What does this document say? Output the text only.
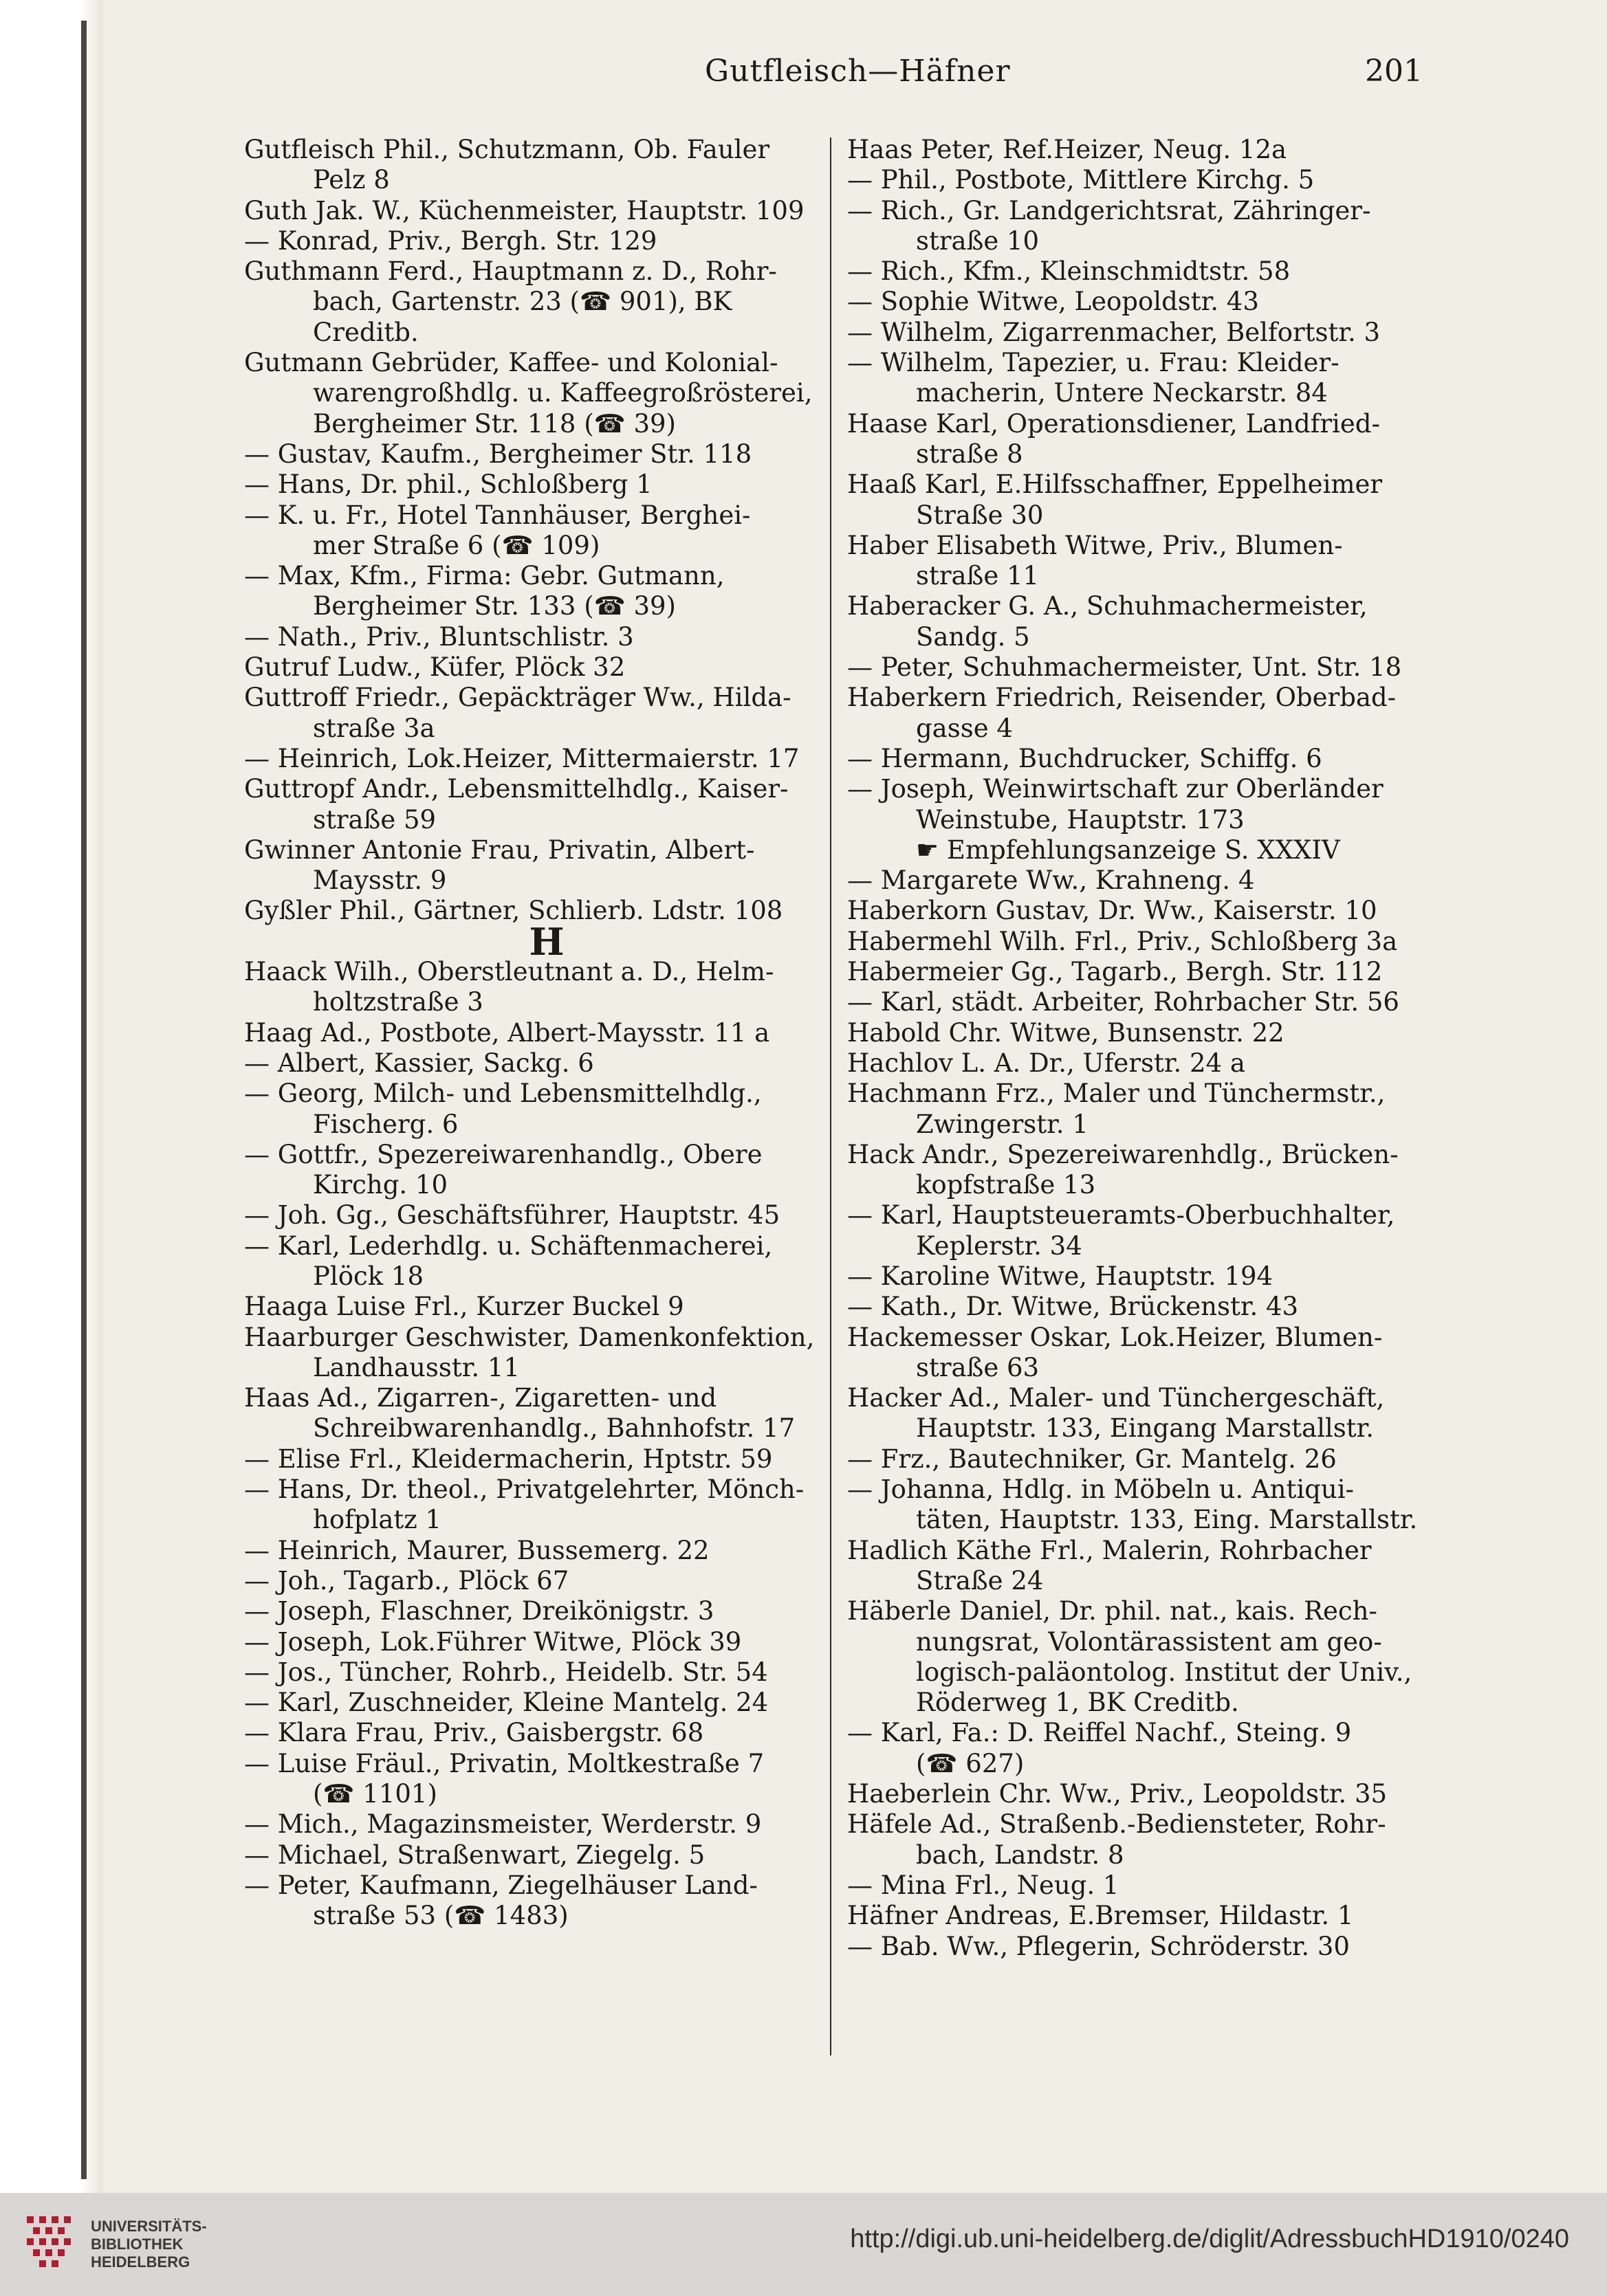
Gutfleisch—Häfner	201
Gutfleisch Phil., Schutzmann, Ob. Fauler
Pelz 8
Guth Jak. W., Küchenmeister, Hauptstr. 109
— Konrad, Priv., Bergh. Str. 129
Guthmann Ferd., Hauptmann z. D., Rohr-
bach, Gartenstr. 23 (☎ 901), BK
Creditb.
Gutmann Gebrüder, Kaffee- und Kolonial-
warengroßhdlg. u. Kaffeegroßrösterei,
Bergheimer Str. 118 (☎ 39)
— Gustav, Kaufm., Bergheimer Str. 118
— Hans, Dr. phil., Schloßberg 1
— K. u. Fr., Hotel Tannhäuser, Berghei-
mer Straße 6 (☎ 109)
— Max, Kfm., Firma: Gebr. Gutmann,
Bergheimer Str. 133 (☎ 39)
— Nath., Priv., Bluntschlistr. 3
Gutruf Ludw., Küfer, Plöck 32
Guttroff Friedr., Gepäckträger Ww., Hilda-
straße 3a
— Heinrich, Lok.Heizer, Mittermaierstr. 17
Guttropf Andr., Lebensmittelhdlg., Kaiser-
straße 59
Gwinner Antonie Frau, Privatin, Albert-
Maysstr. 9
Gyßler Phil., Gärtner, Schlierb. Ldstr. 108
H
Haack Wilh., Oberstleutnant a. D., Helm-
holtzstraße 3
Haag Ad., Postbote, Albert-Maysstr. 11 a
— Albert, Kassier, Sackg. 6
— Georg, Milch- und Lebensmittelhdlg.,
Fischerg. 6
— Gottfr., Spezereiwarenhandlg., Obere
Kirchg. 10
— Joh. Gg., Geschäftsführer, Hauptstr. 45
— Karl, Lederhdlg. u. Schäftenmacherei,
Plöck 18
Haaga Luise Frl., Kurzer Buckel 9
Haarburger Geschwister, Damenkonfektion,
Landhausstr. 11
Haas Ad., Zigarren-, Zigaretten- und
Schreibwarenhandlg., Bahnhofstr. 17
— Elise Frl., Kleidermacherin, Hptstr. 59
— Hans, Dr. theol., Privatgelehrter, Mönch-
hofplatz 1
— Heinrich, Maurer, Bussemerg. 22
— Joh., Tagarb., Plöck 67
— Joseph, Flaschner, Dreikönigstr. 3
— Joseph, Lok.Führer Witwe, Plöck 39
— Jos., Tüncher, Rohrb., Heidelb. Str. 54
— Karl, Zuschneider, Kleine Mantelg. 24
— Klara Frau, Priv., Gaisbergstr. 68
— Luise Fräul., Privatin, Moltkestraße 7
(☎ 1101)
— Mich., Magazinsmeister, Werderstr. 9
— Michael, Straßenwart, Ziegelg. 5
— Peter, Kaufmann, Ziegelhäuser Land-
straße 53 (☎ 1483)
Haas Peter, Ref.Heizer, Neug. 12a
— Phil., Postbote, Mittlere Kirchg. 5
— Rich., Gr. Landgerichtsrat, Zähringer-
straße 10
— Rich., Kfm., Kleinschmidtstr. 58
— Sophie Witwe, Leopoldstr. 43
— Wilhelm, Zigarrenmacher, Belfortstr. 3
— Wilhelm, Tapezier, u. Frau: Kleider-
macherin, Untere Neckarstr. 84
Haase Karl, Operationsdiener, Landfried-
straße 8
Haaß Karl, E.Hilfsschaffner, Eppelheimer
Straße 30
Haber Elisabeth Witwe, Priv., Blumen-
straße 11
Haberacker G. A., Schuhmachermeister,
Sandg. 5
— Peter, Schuhmachermeister, Unt. Str. 18
Haberkern Friedrich, Reisender, Oberbad-
gasse 4
— Hermann, Buchdrucker, Schiffg. 6
— Joseph, Weinwirtschaft zur Oberländer
Weinstube, Hauptstr. 173
☛ Empfehlungsanzeige S. XXXIV
— Margarete Ww., Krahneng. 4
Haberkorn Gustav, Dr. Ww., Kaiserstr. 10
Habermehl Wilh. Frl., Priv., Schloßberg 3a
Habermeier Gg., Tagarb., Bergh. Str. 112
— Karl, städt. Arbeiter, Rohrbacher Str. 56
Habold Chr. Witwe, Bunsenstr. 22
Hachlov L. A. Dr., Uferstr. 24 a
Hachmann Frz., Maler und Tünchermstr.,
Zwingerstr. 1
Hack Andr., Spezereiwarenhdlg., Brücken-
kopfstraße 13
— Karl, Hauptsteueramts-Oberbuchhalter,
Keplerstr. 34
— Karoline Witwe, Hauptstr. 194
— Kath., Dr. Witwe, Brückenstr. 43
Hackemesser Oskar, Lok.Heizer, Blumen-
straße 63
Hacker Ad., Maler- und Tünchergeschäft,
Hauptstr. 133, Eingang Marstallstr.
— Frz., Bautechniker, Gr. Mantelg. 26
— Johanna, Hdlg. in Möbeln u. Antiqui-
täten, Hauptstr. 133, Eing. Marstallstr.
Hadlich Käthe Frl., Malerin, Rohrbacher
Straße 24
Häberle Daniel, Dr. phil. nat., kais. Rech-
nungsrat, Volontärassistent am geo-
logisch-paläontolog. Institut der Univ.,
Röderweg 1, BK Creditb.
— Karl, Fa.: D. Reiffel Nachf., Steing. 9
(☎ 627)
Haeberlein Chr. Ww., Priv., Leopoldstr. 35
Häfele Ad., Straßenb.-Bediensteter, Rohr-
bach, Landstr. 8
— Mina Frl., Neug. 1
Häfner Andreas, E.Bremser, Hildastr. 1
— Bab. Ww., Pflegerin, Schröderstr. 30
UNIVERSITÄTS-
BIBLIOTHEK
HEIDELBERG
http://digi.ub.uni-heidelberg.de/diglit/AdressbuchHD1910/0240
